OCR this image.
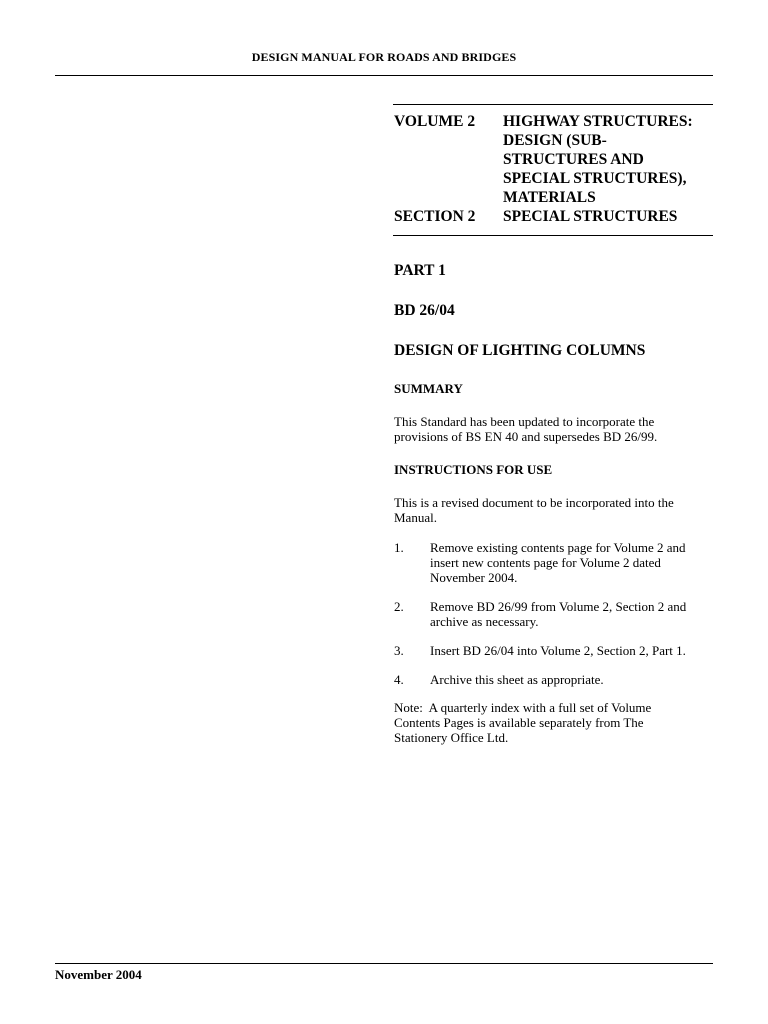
DESIGN MANUAL FOR ROADS AND BRIDGES
VOLUME 2	HIGHWAY STRUCTURES:
DESIGN (SUB-
STRUCTURES AND
SPECIAL STRUCTURES),
MATERIALS
SECTION 2	SPECIAL STRUCTURES
PART 1
BD 26/04
DESIGN OF LIGHTING COLUMNS
SUMMARY
This Standard has been updated to incorporate the
provisions of BS EN 40 and supersedes BD 26/99.
INSTRUCTIONS FOR USE
This is a revised document to be incorporated into the
Manual.
1.	Remove existing contents page for Volume 2 and
insert new contents page for Volume 2 dated
November 2004.
2.	Remove BD 26/99 from Volume 2, Section 2 and
archive as necessary.
3.	Insert BD 26/04 into Volume 2, Section 2, Part 1.
4.	Archive this sheet as appropriate.
Note:  A quarterly index with a full set of Volume
Contents Pages is available separately from The
Stationery Office Ltd.
November 2004
